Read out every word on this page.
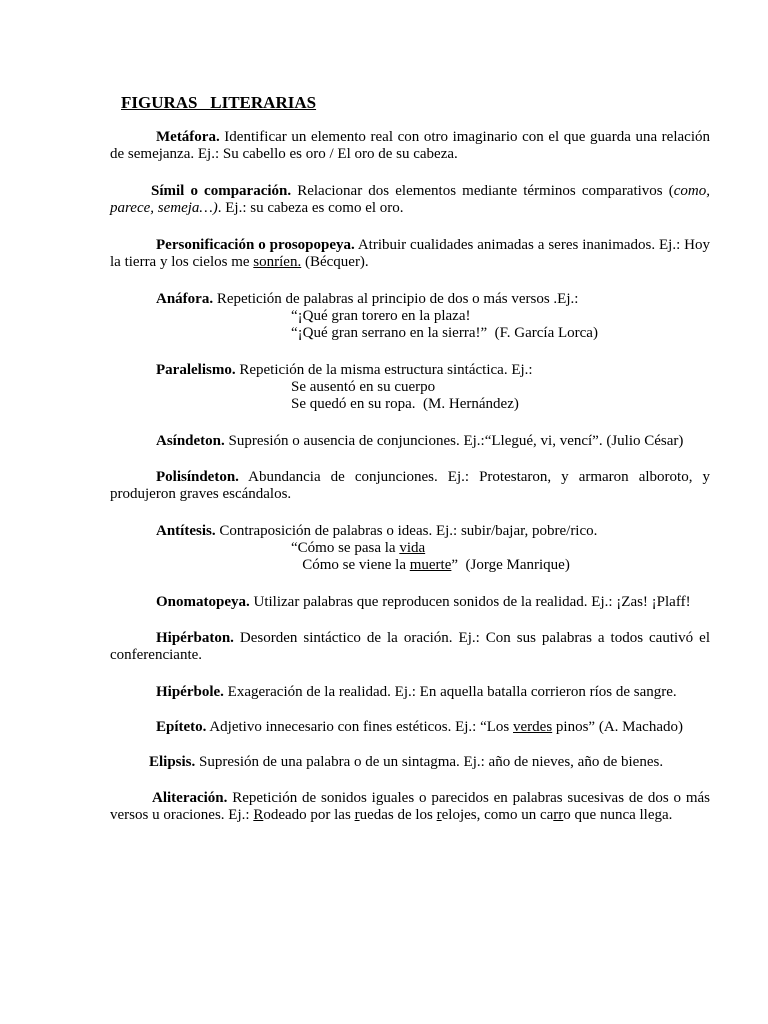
FIGURAS   LITERARIAS

Metáfora. Identificar un elemento real con otro imaginario con el que guarda una relación de semejanza. Ej.: Su cabello es oro / El oro de su cabeza.

Símil o comparación. Relacionar dos elementos mediante términos comparativos (como, parece, semeja…). Ej.: su cabeza es como el oro.

Personificación o prosopopeya. Atribuir cualidades animadas a seres inanimados. Ej.: Hoy la tierra y los cielos me sonríen. (Bécquer).

Anáfora. Repetición de palabras al principio de dos o más versos .Ej.:

“¡Qué gran torero en la plaza!

“¡Qué gran serrano en la sierra!”  (F. García Lorca)

Paralelismo. Repetición de la misma estructura sintáctica. Ej.:

Se ausentó en su cuerpo

Se quedó en su ropa.  (M. Hernández)

Asíndeton. Supresión o ausencia de conjunciones. Ej.:“Llegué, vi, vencí”. (Julio César)

Polisíndeton. Abundancia de conjunciones. Ej.: Protestaron, y armaron alboroto, y produjeron graves escándalos.

Antítesis. Contraposición de palabras o ideas. Ej.: subir/bajar, pobre/rico.

“Cómo se pasa la vida

Cómo se viene la muerte”  (Jorge Manrique)

Onomatopeya. Utilizar palabras que reproducen sonidos de la realidad. Ej.: ¡Zas! ¡Plaff!

Hipérbaton. Desorden sintáctico de la oración. Ej.: Con sus palabras a todos cautivó el conferenciante.

Hipérbole. Exageración de la realidad. Ej.: En aquella batalla corrieron ríos de sangre.

Epíteto. Adjetivo innecesario con fines estéticos. Ej.: “Los verdes pinos” (A. Machado)

Elipsis. Supresión de una palabra o de un sintagma. Ej.: año de nieves, año de bienes.

Aliteración. Repetición de sonidos iguales o parecidos en palabras sucesivas de dos o más versos u oraciones. Ej.: Rodeado por las ruedas de los relojes, como un carro que nunca llega.
